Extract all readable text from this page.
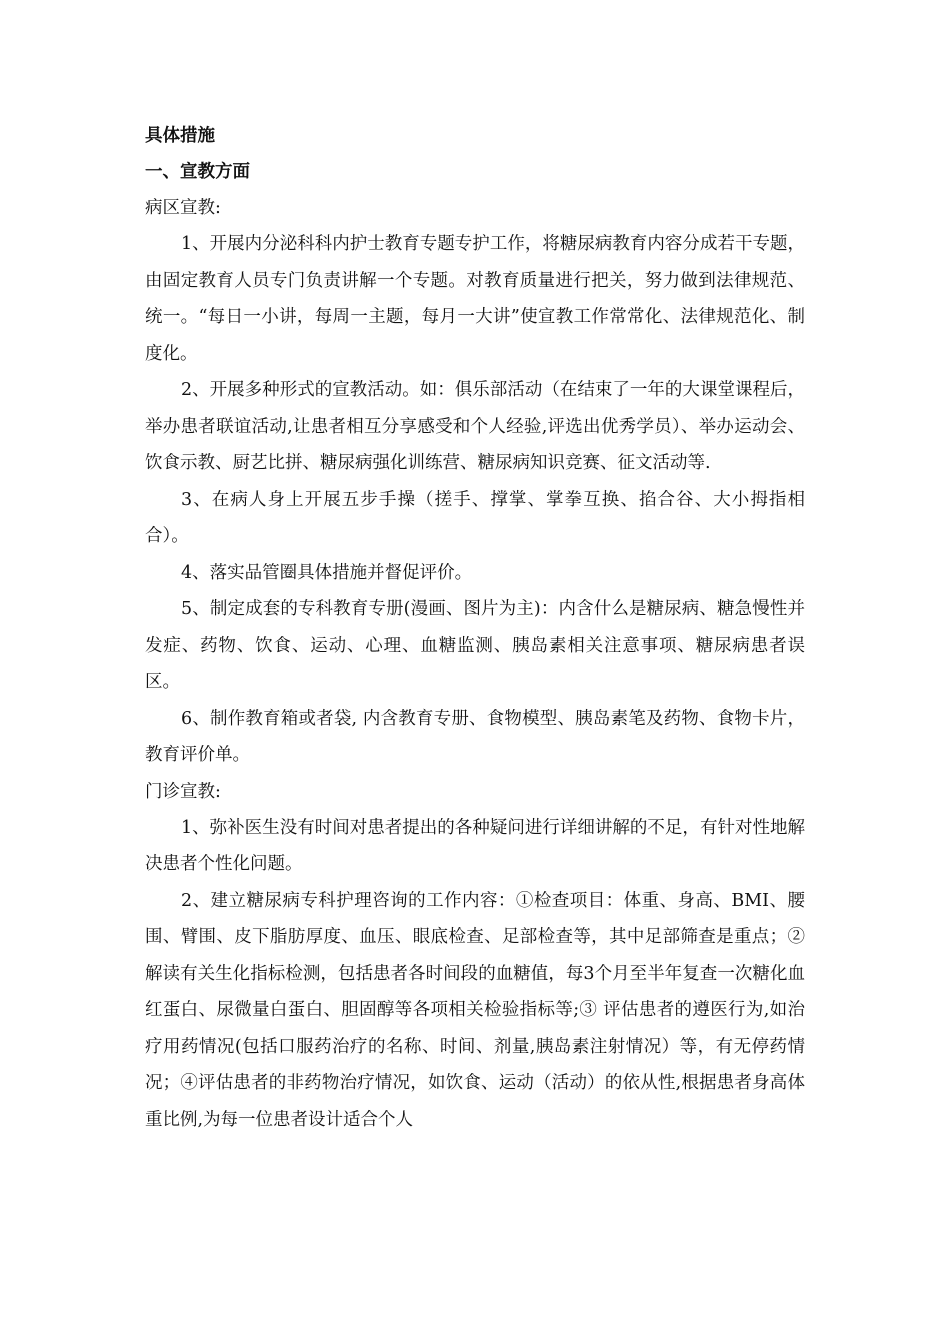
具体措施

一、宣教方面

病区宣教:

1、开展内分泌科科内护士教育专题专护工作，将糖尿病教育内容分成若干专题，由固定教育人员专门负责讲解一个专题。对教育质量进行把关，努力做到法律规范、统一。“每日一小讲，每周一主题，每月一大讲”使宣教工作常常化、法律规范化、制度化。

2、开展多种形式的宣教活动。如：俱乐部活动（在结束了一年的大课堂课程后，举办患者联谊活动,让患者相互分享感受和个人经验,评选出优秀学员）、举办运动会、饮食示教、厨艺比拼、糖尿病强化训练营、糖尿病知识竞赛、征文活动等.

3、在病人身上开展五步手操（搓手、撑掌、掌拳互换、掐合谷、大小拇指相合）。

4、落实品管圈具体措施并督促评价。

5、制定成套的专科教育专册(漫画、图片为主)：内含什么是糖尿病、糖急慢性并发症、药物、饮食、运动、心理、血糖监测、胰岛素相关注意事项、糖尿病患者误区。

6、制作教育箱或者袋, 内含教育专册、食物模型、胰岛素笔及药物、食物卡片，教育评价单。

门诊宣教:

1、弥补医生没有时间对患者提出的各种疑问进行详细讲解的不足，有针对性地解决患者个性化问题。

2、建立糖尿病专科护理咨询的工作内容：①检查项目：体重、身高、BMI、腰围、臂围、皮下脂肪厚度、血压、眼底检查、足部检查等，其中足部筛查是重点；②解读有关生化指标检测，包括患者各时间段的血糖值，每3个月至半年复查一次糖化血红蛋白、尿微量白蛋白、胆固醇等各项相关检验指标等;③ 评估患者的遵医行为,如治疗用药情况(包括口服药治疗的名称、时间、剂量,胰岛素注射情况）等，有无停药情况；④评估患者的非药物治疗情况，如饮食、运动（活动）的依从性,根据患者身高体重比例,为每一位患者设计适合个人
